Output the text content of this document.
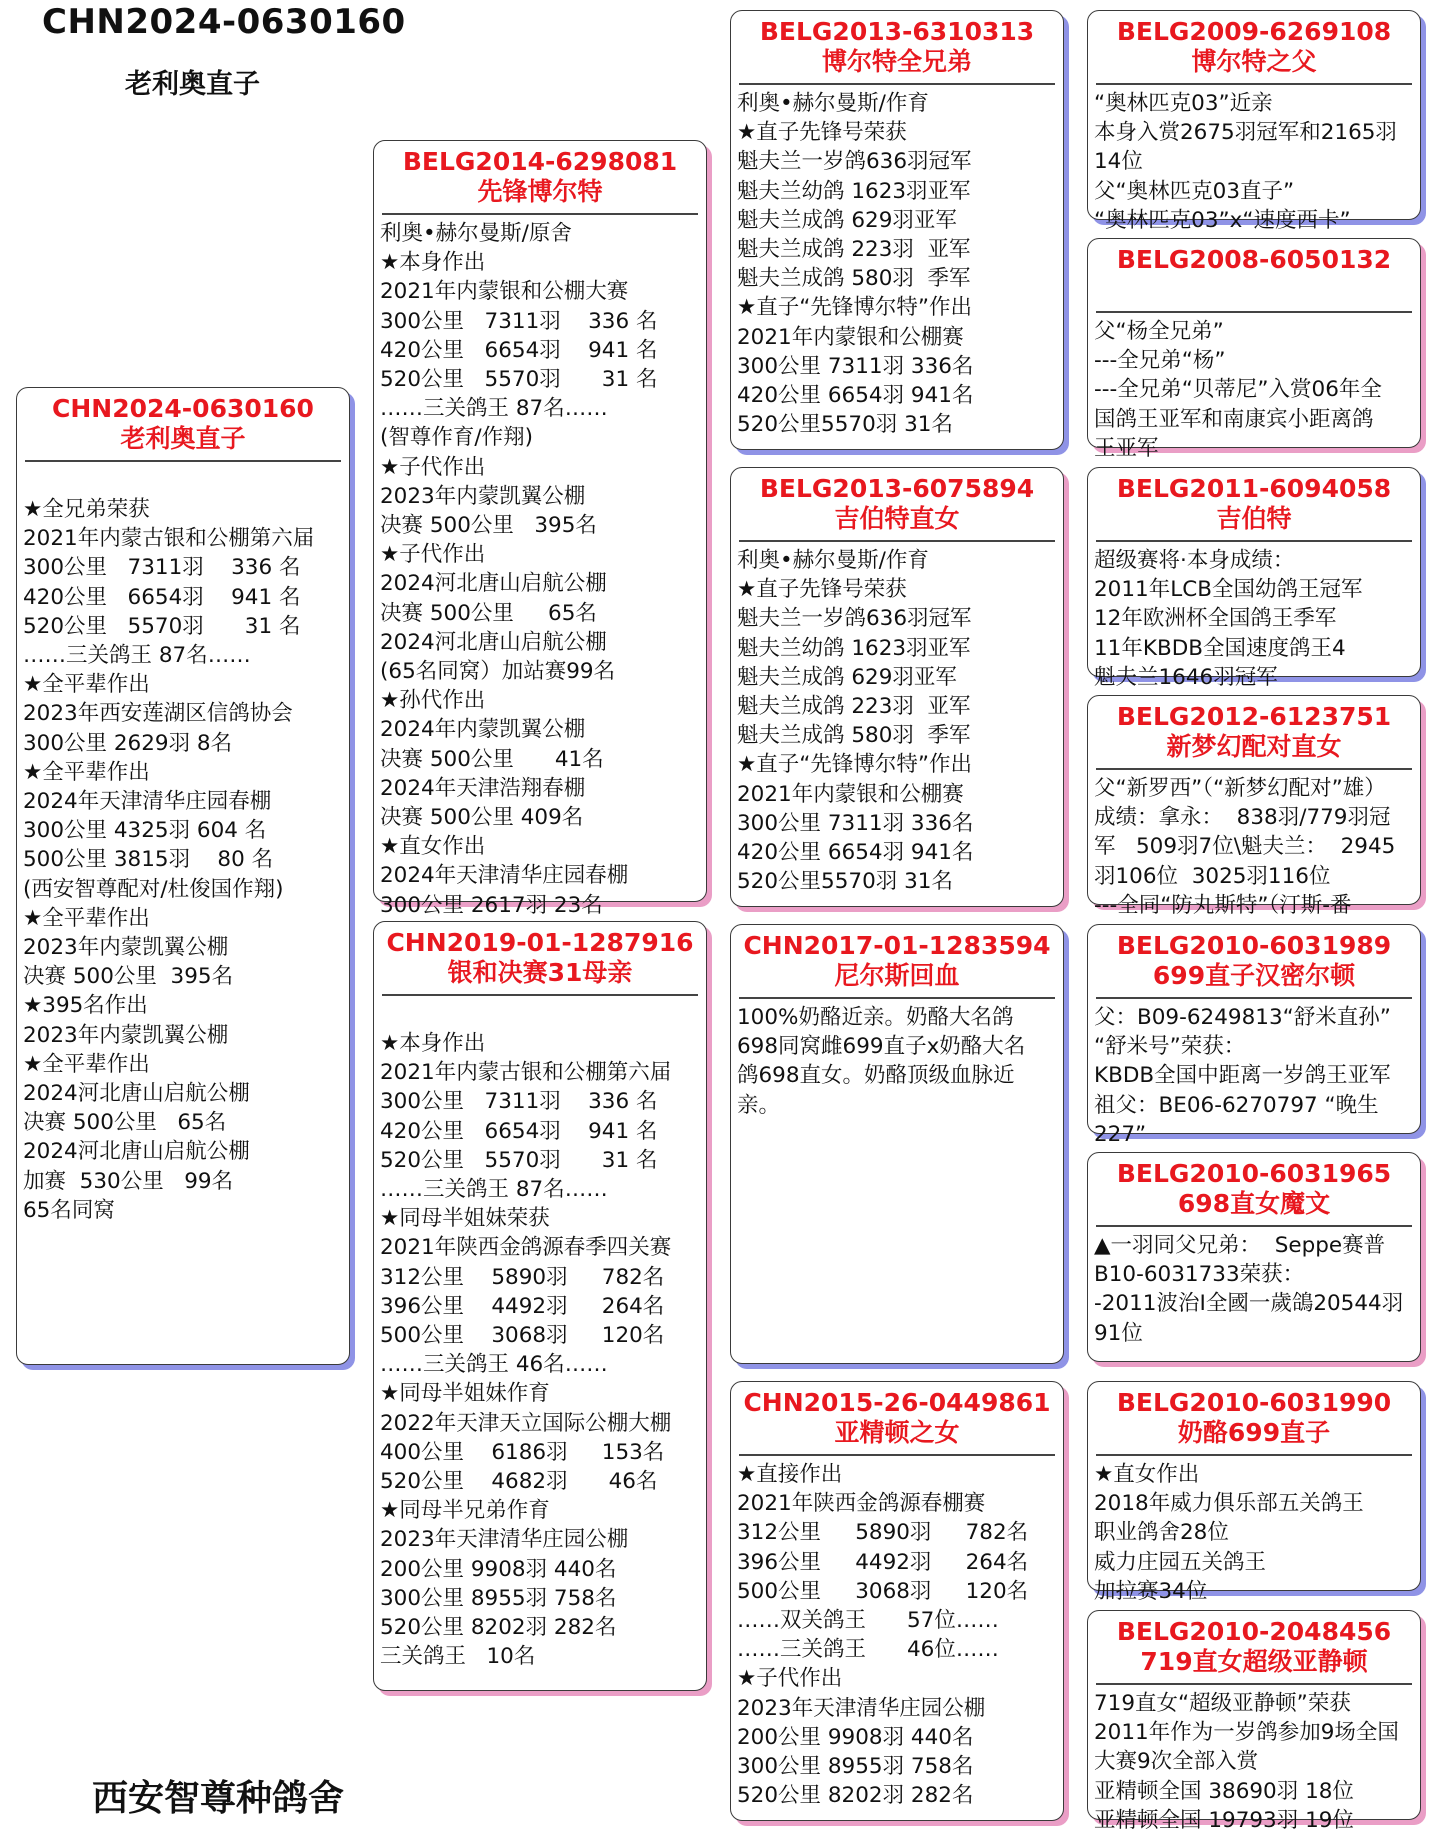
CHN2024-0630160
老利奥直子
CHN2024-0630160
老利奥直子
★全兄弟荣获
2021年内蒙古银和公棚第六届
300公里   7311羽    336 名
420公里   6654羽    941 名
520公里   5570羽      31 名
……三关鸽王 87名……
★全平辈作出
2023年西安莲湖区信鸽协会
300公里 2629羽 8名
★全平辈作出
2024年天津清华庄园春棚
300公里 4325羽 604 名
500公里 3815羽    80 名
(西安智尊配对/杜俊国作翔)
★全平辈作出
2023年内蒙凯翼公棚
决赛 500公里  395名
★395名作出
2023年内蒙凯翼公棚
★全平辈作出
2024河北唐山启航公棚
决赛 500公里   65名
2024河北唐山启航公棚
加赛  530公里   99名
65名同窝
BELG2014-6298081
先锋博尔特
利奥•赫尔曼斯/原舍
★本身作出
2021年内蒙银和公棚大赛
300公里   7311羽    336 名
420公里   6654羽    941 名
520公里   5570羽      31 名
……三关鸽王 87名……
(智尊作育/作翔)
★子代作出
2023年内蒙凯翼公棚
决赛 500公里   395名
★子代作出
2024河北唐山启航公棚
决赛 500公里     65名
2024河北唐山启航公棚
(65名同窝）加站赛99名
★孙代作出
2024年内蒙凯翼公棚
决赛 500公里      41名
2024年天津浩翔春棚
决赛 500公里 409名
★直女作出
2024年天津清华庄园春棚
300公里 2617羽 23名
CHN2019-01-1287916
银和决赛31母亲
★本身作出
2021年内蒙古银和公棚第六届
300公里   7311羽    336 名
420公里   6654羽    941 名
520公里   5570羽      31 名
……三关鸽王 87名……
★同母半姐妹荣获
2021年陕西金鸽源春季四关赛
312公里    5890羽     782名
396公里    4492羽     264名
500公里    3068羽     120名
……三关鸽王 46名……
★同母半姐妹作育
2022年天津天立国际公棚大棚
400公里    6186羽     153名
520公里    4682羽      46名
★同母半兄弟作育
2023年天津清华庄园公棚
200公里 9908羽 440名
300公里 8955羽 758名
520公里 8202羽 282名
三关鸽王   10名
BELG2013-6310313
博尔特全兄弟
利奥•赫尔曼斯/作育
★直子先锋号荣获
魁夫兰一岁鸽636羽冠军
魁夫兰幼鸽 1623羽亚军
魁夫兰成鸽 629羽亚军
魁夫兰成鸽 223羽  亚军
魁夫兰成鸽 580羽  季军
★直子“先锋博尔特”作出
2021年内蒙银和公棚赛
300公里 7311羽 336名
420公里 6654羽 941名
520公里5570羽 31名
BELG2013-6075894
吉伯特直女
利奥•赫尔曼斯/作育
★直子先锋号荣获
魁夫兰一岁鸽636羽冠军
魁夫兰幼鸽 1623羽亚军
魁夫兰成鸽 629羽亚军
魁夫兰成鸽 223羽  亚军
魁夫兰成鸽 580羽  季军
★直子“先锋博尔特”作出
2021年内蒙银和公棚赛
300公里 7311羽 336名
420公里 6654羽 941名
520公里5570羽 31名
CHN2017-01-1283594
尼尔斯回血
100%奶酪近亲。奶酪大名鸽
698同窝雌699直子x奶酪大名
鸽698直女。奶酪顶级血脉近
亲。
CHN2015-26-0449861
亚精顿之女
★直接作出
2021年陕西金鸽源春棚赛
312公里     5890羽     782名
396公里     4492羽     264名
500公里     3068羽     120名
……双关鸽王      57位……
……三关鸽王      46位……
★子代作出
2023年天津清华庄园公棚
200公里 9908羽 440名
300公里 8955羽 758名
520公里 8202羽 282名
BELG2009-6269108
博尔特之父
“奥林匹克03”近亲
本身入赏2675羽冠军和2165羽
14位
父“奥林匹克03直子”
“奥林匹克03”x“速度西卡”
BELG2008-6050132
父“杨全兄弟”
---全兄弟“杨”
---全兄弟“贝蒂尼”入赏06年全
国鸽王亚军和南康宾小距离鸽
王亚军
BELG2011-6094058
吉伯特
超级赛将·本身成绩：
2011年LCB全国幼鸽王冠军
12年欧洲杯全国鸽王季军
11年KBDB全国速度鸽王4
魁夫兰1646羽冠军
BELG2012-6123751
新梦幻配对直女
父“新罗西”（“新梦幻配对”雄）
成绩：拿永：  838羽/779羽冠
军   509羽7位\魁夫兰：  2945
羽106位  3025羽116位
---全同“防丸斯特”（汀斯-番
BELG2010-6031989
699直子汉密尔顿
父：B09-6249813“舒米直孙”
“舒米号”荣获：
KBDB全国中距离一岁鸽王亚军
祖父：BE06-6270797 “晚生
227”
BELG2010-6031965
698直女魔文
▲一羽同父兄弟：  Seppe赛普
B10-6031733荣获：
-2011波治I全國一歲鴿20544羽
91位
BELG2010-6031990
奶酪699直子
★直女作出
2018年威力俱乐部五关鸽王
职业鸽舍28位
威力庄园五关鸽王
加拉赛34位
BELG2010-2048456
719直女超级亚静顿
719直女“超级亚静顿”荣获
2011年作为一岁鸽参加9场全国
大赛9次全部入赏
亚精顿全国 38690羽 18位
亚精顿全国 19793羽 19位
西安智尊种鸽舍
